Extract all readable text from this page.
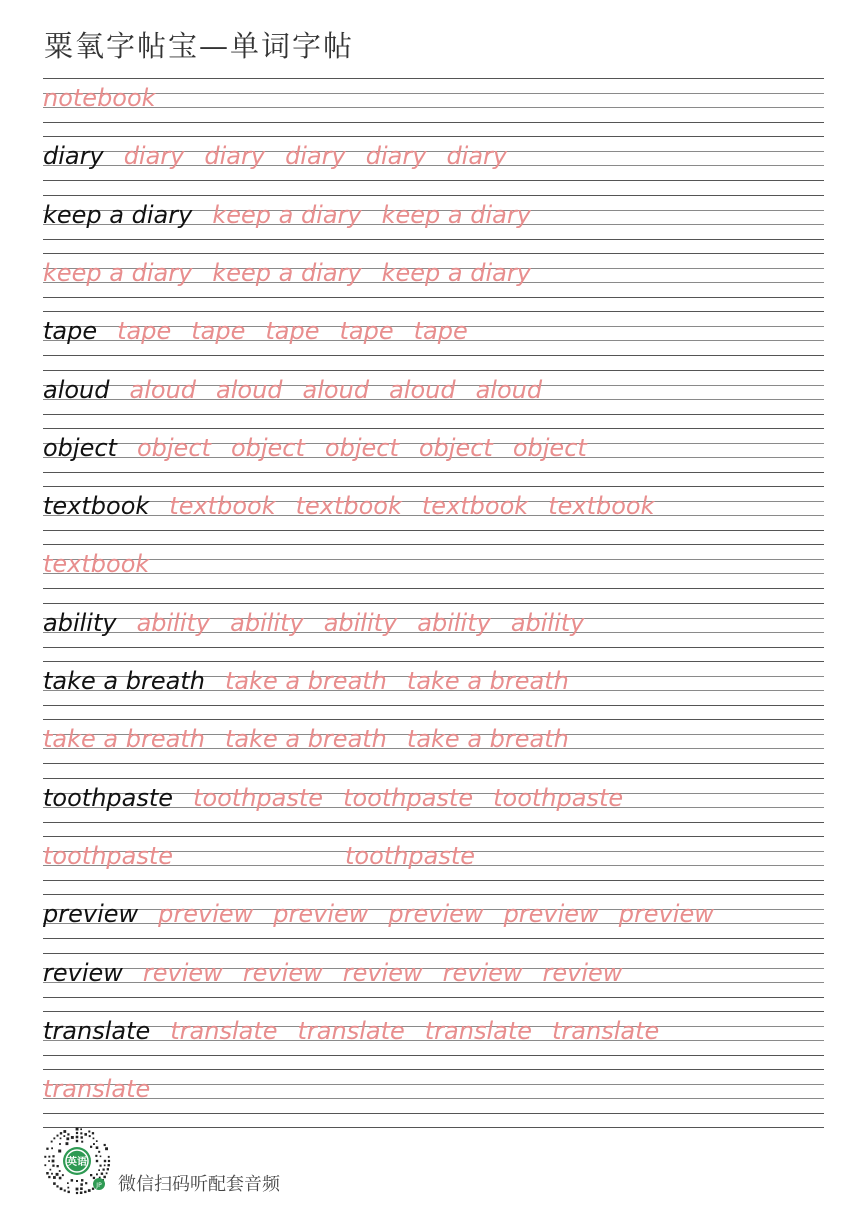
粟氧字帖宝—单词字帖
notebook
diary diary diary diary diary diary
keep a diary keep a diary keep a diary
keep a diary keep a diary keep a diary
tape tape tape tape tape tape
aloud aloud aloud aloud aloud aloud
object object object object object object
textbook textbook textbook textbook textbook
textbook
ability ability ability ability ability ability
take a breath take a breath take a breath
take a breath take a breath take a breath
toothpaste toothpaste toothpaste toothpaste
toothpaste	toothpaste
preview preview preview preview preview preview
review review review review review review
translate translate translate translate translate
translate
英语
JP 微信扫码听配套音频
